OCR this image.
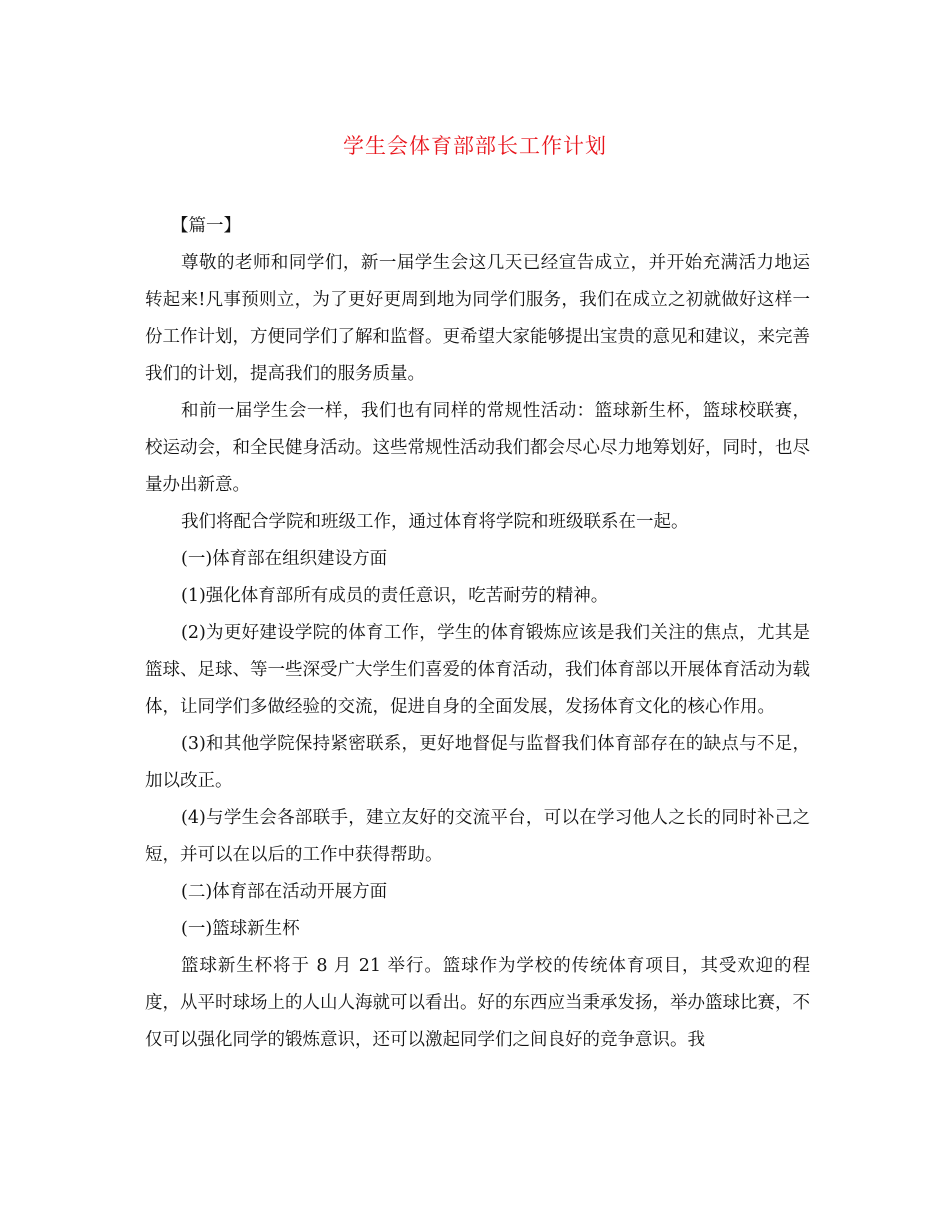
学生会体育部部长工作计划

【篇一】

尊敬的老师和同学们，新一届学生会这几天已经宣告成立，并开始充满活力地运转起来!凡事预则立，为了更好更周到地为同学们服务，我们在成立之初就做好这样一份工作计划，方便同学们了解和监督。更希望大家能够提出宝贵的意见和建议，来完善我们的计划，提高我们的服务质量。

和前一届学生会一样，我们也有同样的常规性活动：篮球新生杯，篮球校联赛，校运动会，和全民健身活动。这些常规性活动我们都会尽心尽力地筹划好，同时，也尽量办出新意。

我们将配合学院和班级工作，通过体育将学院和班级联系在一起。

(一)体育部在组织建设方面

(1)强化体育部所有成员的责任意识，吃苦耐劳的精神。

(2)为更好建设学院的体育工作，学生的体育锻炼应该是我们关注的焦点，尤其是篮球、足球、等一些深受广大学生们喜爱的体育活动，我们体育部以开展体育活动为载体，让同学们多做经验的交流，促进自身的全面发展，发扬体育文化的核心作用。

(3)和其他学院保持紧密联系，更好地督促与监督我们体育部存在的缺点与不足，加以改正。

(4)与学生会各部联手，建立友好的交流平台，可以在学习他人之长的同时补己之短，并可以在以后的工作中获得帮助。

(二)体育部在活动开展方面

(一)篮球新生杯

篮球新生杯将于 8 月 21 举行。篮球作为学校的传统体育项目，其受欢迎的程度，从平时球场上的人山人海就可以看出。好的东西应当秉承发扬，举办篮球比赛，不仅可以强化同学的锻炼意识，还可以激起同学们之间良好的竞争意识。我
